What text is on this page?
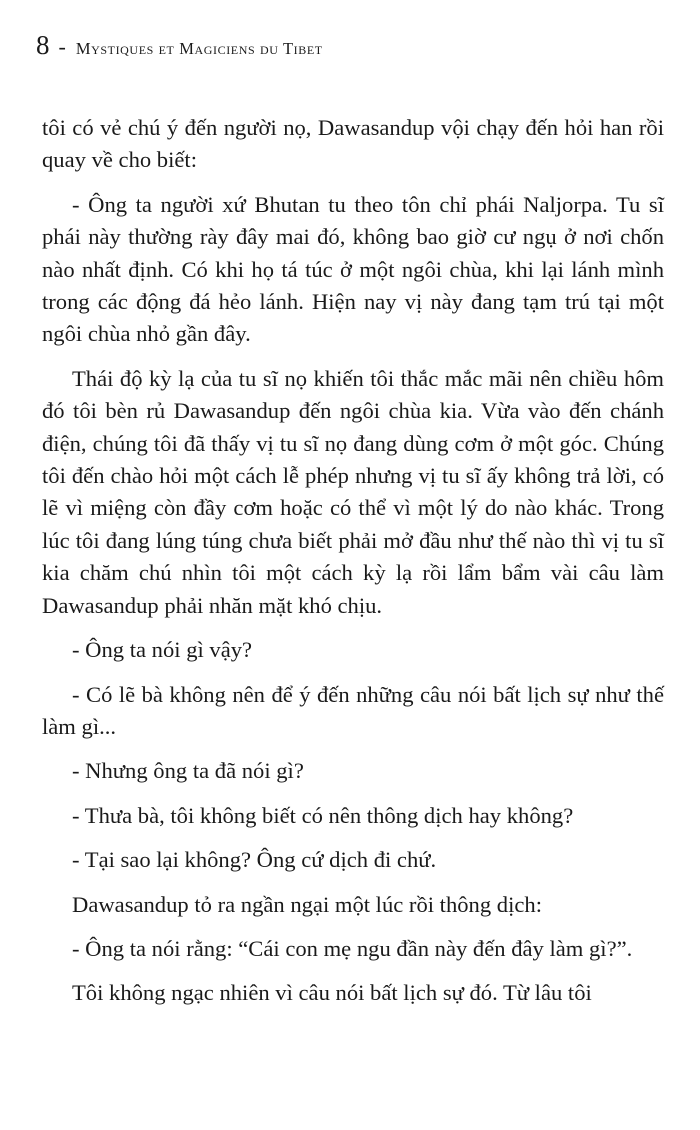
8 - Mystiques et Magiciens du Tibet

tôi có vẻ chú ý đến người nọ, Dawasandup vội chạy đến hỏi han rồi quay về cho biết:

- Ông ta người xứ Bhutan tu theo tôn chỉ phái Naljorpa. Tu sĩ phái này thường rày đây mai đó, không bao giờ cư ngụ ở nơi chốn nào nhất định. Có khi họ tá túc ở một ngôi chùa, khi lại lánh mình trong các động đá hẻo lánh. Hiện nay vị này đang tạm trú tại một ngôi chùa nhỏ gần đây.

Thái độ kỳ lạ của tu sĩ nọ khiến tôi thắc mắc mãi nên chiều hôm đó tôi bèn rủ Dawasandup đến ngôi chùa kia. Vừa vào đến chánh điện, chúng tôi đã thấy vị tu sĩ nọ đang dùng cơm ở một góc. Chúng tôi đến chào hỏi một cách lễ phép nhưng vị tu sĩ ấy không trả lời, có lẽ vì miệng còn đầy cơm hoặc có thể vì một lý do nào khác. Trong lúc tôi đang lúng túng chưa biết phải mở đầu như thế nào thì vị tu sĩ kia chăm chú nhìn tôi một cách kỳ lạ rồi lẩm bẩm vài câu làm Dawasandup phải nhăn mặt khó chịu.

- Ông ta nói gì vậy?

- Có lẽ bà không nên để ý đến những câu nói bất lịch sự như thế làm gì...

- Nhưng ông ta đã nói gì?

- Thưa bà, tôi không biết có nên thông dịch hay không?

- Tại sao lại không? Ông cứ dịch đi chứ.

Dawasandup tỏ ra ngần ngại một lúc rồi thông dịch:

- Ông ta nói rằng: “Cái con mẹ ngu đần này đến đây làm gì?”.

Tôi không ngạc nhiên vì câu nói bất lịch sự đó. Từ lâu tôi
